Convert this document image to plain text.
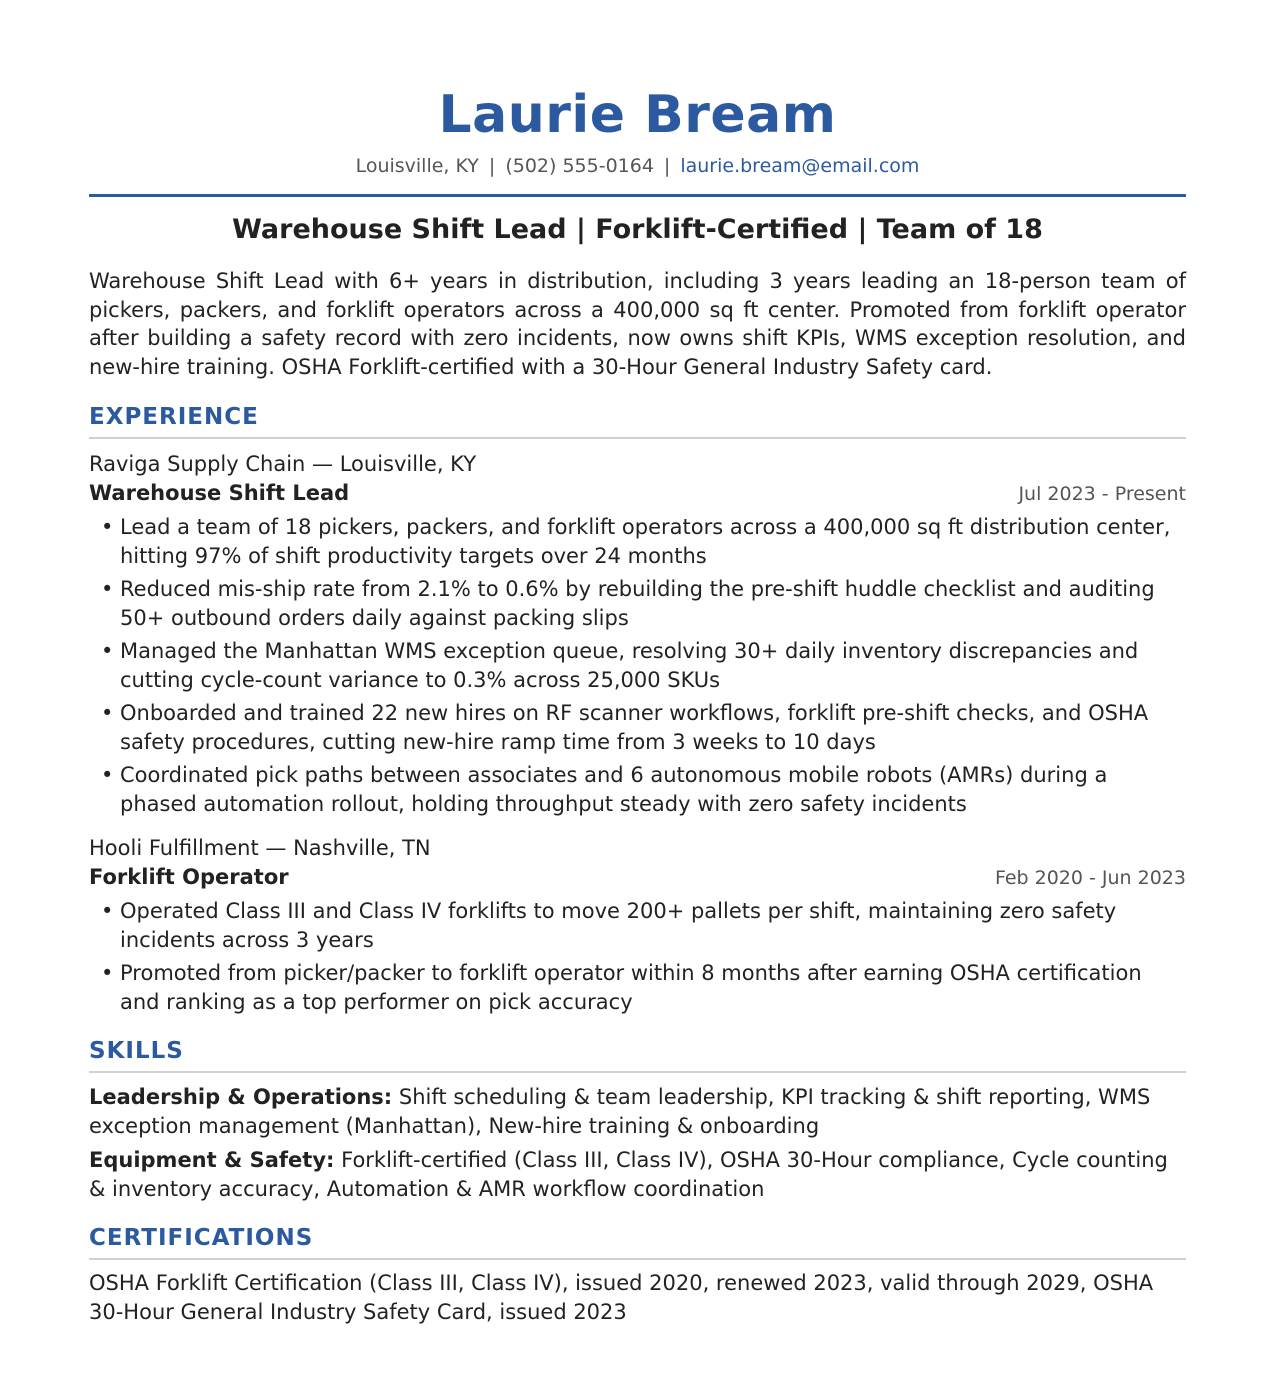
Laurie Bream
Louisville, KY | (502) 555-0164 | laurie.bream@email.com
Warehouse Shift Lead | Forklift-Certified | Team of 18
Warehouse Shift Lead with 6+ years in distribution, including 3 years leading an 18-person team of pickers, packers, and forklift operators across a 400,000 sq ft center. Promoted from forklift operator after building a safety record with zero incidents, now owns shift KPIs, WMS exception resolution, and new-hire training. OSHA Forklift-certified with a 30-Hour General Industry Safety card.
EXPERIENCE
Raviga Supply Chain — Louisville, KY
Warehouse Shift Lead	Jul 2023 - Present
• Lead a team of 18 pickers, packers, and forklift operators across a 400,000 sq ft distribution center, hitting 97% of shift productivity targets over 24 months
• Reduced mis-ship rate from 2.1% to 0.6% by rebuilding the pre-shift huddle checklist and auditing 50+ outbound orders daily against packing slips
• Managed the Manhattan WMS exception queue, resolving 30+ daily inventory discrepancies and cutting cycle-count variance to 0.3% across 25,000 SKUs
• Onboarded and trained 22 new hires on RF scanner workflows, forklift pre-shift checks, and OSHA safety procedures, cutting new-hire ramp time from 3 weeks to 10 days
• Coordinated pick paths between associates and 6 autonomous mobile robots (AMRs) during a phased automation rollout, holding throughput steady with zero safety incidents
Hooli Fulfillment — Nashville, TN
Forklift Operator	Feb 2020 - Jun 2023
• Operated Class III and Class IV forklifts to move 200+ pallets per shift, maintaining zero safety incidents across 3 years
• Promoted from picker/packer to forklift operator within 8 months after earning OSHA certification and ranking as a top performer on pick accuracy
SKILLS
Leadership & Operations: Shift scheduling & team leadership, KPI tracking & shift reporting, WMS exception management (Manhattan), New-hire training & onboarding
Equipment & Safety: Forklift-certified (Class III, Class IV), OSHA 30-Hour compliance, Cycle counting & inventory accuracy, Automation & AMR workflow coordination
CERTIFICATIONS
OSHA Forklift Certification (Class III, Class IV), issued 2020, renewed 2023, valid through 2029, OSHA 30-Hour General Industry Safety Card, issued 2023
